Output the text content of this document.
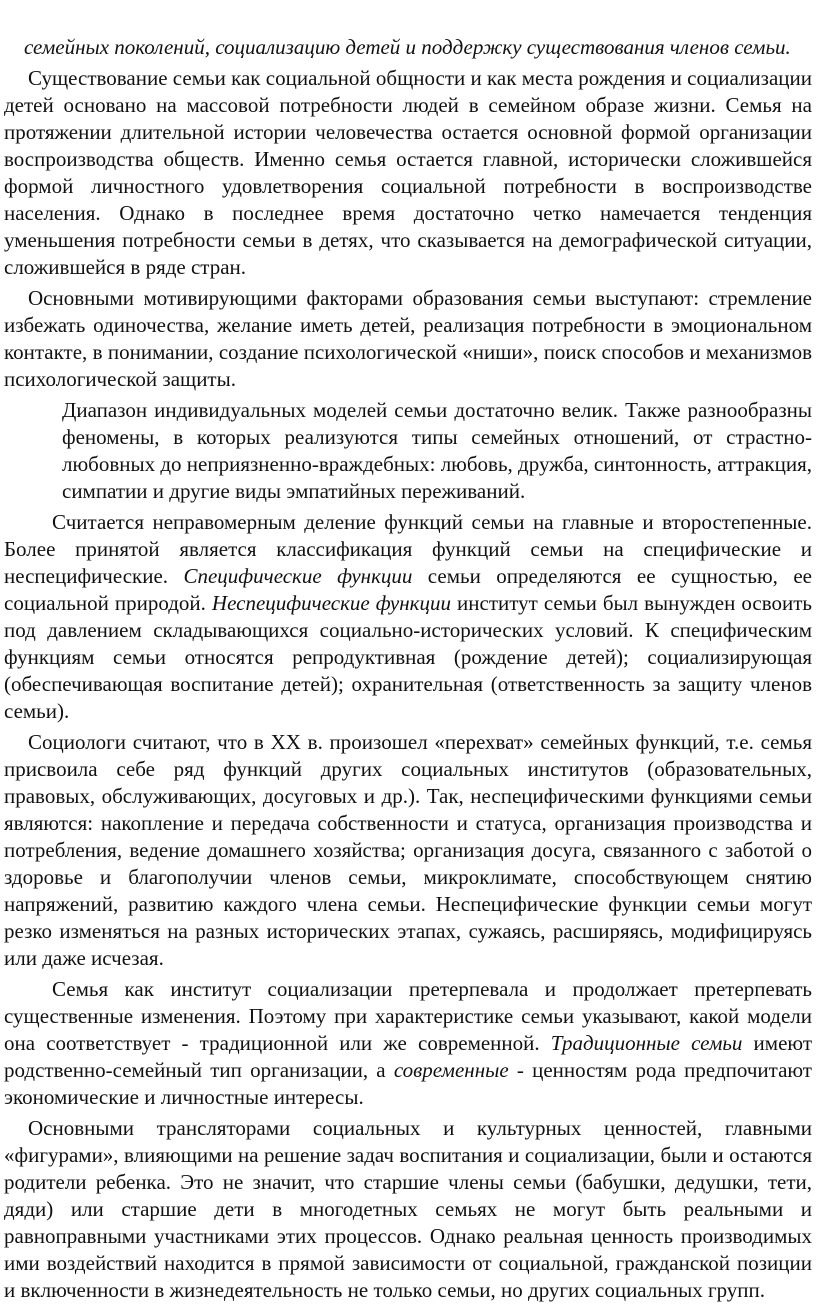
семейных поколений, социализацию детей и поддержку существования членов семьи.

Существование семьи как социальной общности и как места рождения и социализации детей основано на массовой потребности людей в семейном образе жизни. Семья на протяжении длительной истории человечества остается основной формой организации воспроизводства обществ. Именно семья остается главной, исторически сложившейся формой личностного удовлетворения социальной потребности в воспроизводстве населения. Однако в последнее время достаточно четко намечается тенденция уменьшения потребности семьи в детях, что сказывается на демографической ситуации, сложившейся в ряде стран.

Основными мотивирующими факторами образования семьи выступают: стремление избежать одиночества, желание иметь детей, реализация потребности в эмоциональном контакте, в понимании, создание психологической «ниши», поиск способов и механизмов психологической защиты.

Диапазон индивидуальных моделей семьи достаточно велик. Также разнообразны феномены, в которых реализуются типы семейных отношений, от страстно-любовных до неприязненно-враждебных: любовь, дружба, синтонность, аттракция, симпатии и другие виды эмпатийных переживаний.

Считается неправомерным деление функций семьи на главные и второстепенные. Более принятой является классификация функций семьи на специфические и неспецифические. Специфические функции семьи определяются ее сущностью, ее социальной природой. Неспецифические функции институт семьи был вынужден освоить под давлением складывающихся социально-исторических условий. К специфическим функциям семьи относятся репродуктивная (рождение детей); социализирующая (обеспечивающая воспитание детей); охранительная (ответственность за защиту членов семьи).

Социологи считают, что в XX в. произошел «перехват» семейных функций, т.е. семья присвоила себе ряд функций других социальных институтов (образовательных, правовых, обслуживающих, досуговых и др.). Так, неспецифическими функциями семьи являются: накопление и передача собственности и статуса, организация производства и потребления, ведение домашнего хозяйства; организация досуга, связанного с заботой о здоровье и благополучии членов семьи, микроклимате, способствующем снятию напряжений, развитию каждого члена семьи. Неспецифические функции семьи могут резко изменяться на разных исторических этапах, сужаясь, расширяясь, модифицируясь или даже исчезая.

Семья как институт социализации претерпевала и продолжает претерпевать существенные изменения. Поэтому при характеристике семьи указывают, какой модели она соответствует - традиционной или же современной. Традиционные семьи имеют родственно-семейный тип организации, а современные - ценностям рода предпочитают экономические и личностные интересы.

Основными трансляторами социальных и культурных ценностей, главными «фигурами», влияющими на решение задач воспитания и социализации, были и остаются родители ребенка. Это не значит, что старшие члены семьи (бабушки, дедушки, тети, дяди) или старшие дети в многодетных семьях не могут быть реальными и равноправными участниками этих процессов. Однако реальная ценность производимых ими воздействий находится в прямой зависимости от социальной, гражданской позиции и включенности в жизнедеятельность не только семьи, но других социальных групп.
